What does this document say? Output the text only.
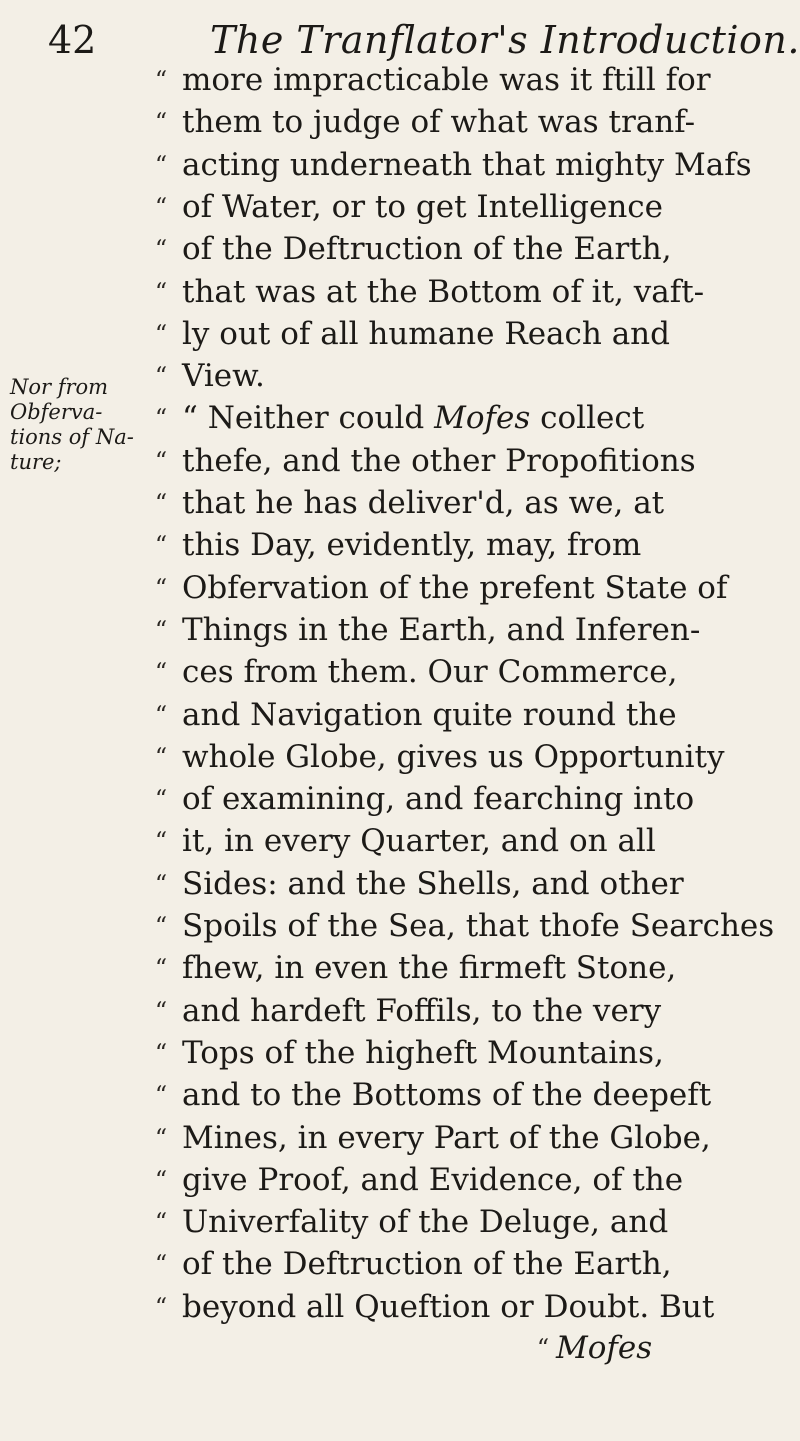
42	The Tranflator's Introduction.
Nor from
Obferva-
tions of Na-
ture;
“ more impracticable was it ftill for
“ them to judge of what was tranf-
“ acting underneath that mighty Mafs
“ of Water, or to get Intelligence
“ of the Deftruction of the Earth,
“ that was at the Bottom of it, vaft-
“ ly out of all humane Reach and
“ View.
“ “ Neither could Mofes collect
“ thefe, and the other Propofitions
“ that he has deliver'd, as we, at
“ this Day, evidently, may, from
“ Obfervation of the prefent State of
“ Things in the Earth, and Inferen-
“ ces from them. Our Commerce,
“ and Navigation quite round the
“ whole Globe, gives us Opportunity
“ of examining, and fearching into
“ it, in every Quarter, and on all
“ Sides: and the Shells, and other
“ Spoils of the Sea, that thofe Searches
“ fhew, in even the firmeft Stone,
“ and hardeft Foffils, to the very
“ Tops of the higheft Mountains,
“ and to the Bottoms of the deepeft
“ Mines, in every Part of the Globe,
“ give Proof, and Evidence, of the
“ Univerfality of the Deluge, and
“ of the Deftruction of the Earth,
“ beyond all Queftion or Doubt. But
“ Mofes
